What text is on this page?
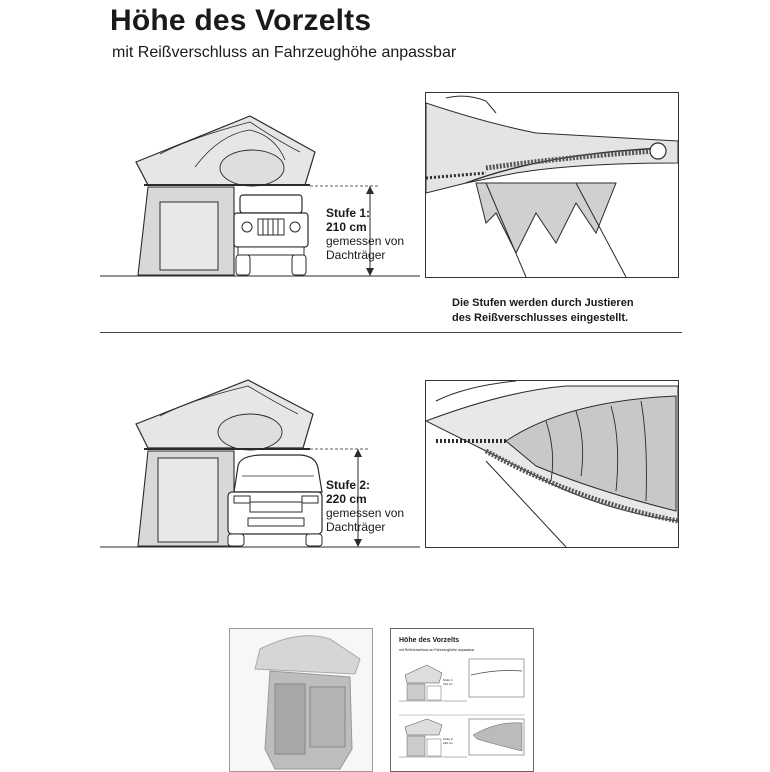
Höhe des Vorzelts
mit Reißverschluss an Fahrzeughöhe anpassbar
Stufe 1:
210 cm
gemessen von
Dachträger
Die Stufen werden durch Justieren
des Reißverschlusses eingestellt.
Stufe 2:
220 cm
gemessen von
Dachträger
Höhe des Vorzelts
mit Reißverschluss an Fahrzeughöhe anpassbar
Stufe 1:
210 cm
Stufe 2:
220 cm
